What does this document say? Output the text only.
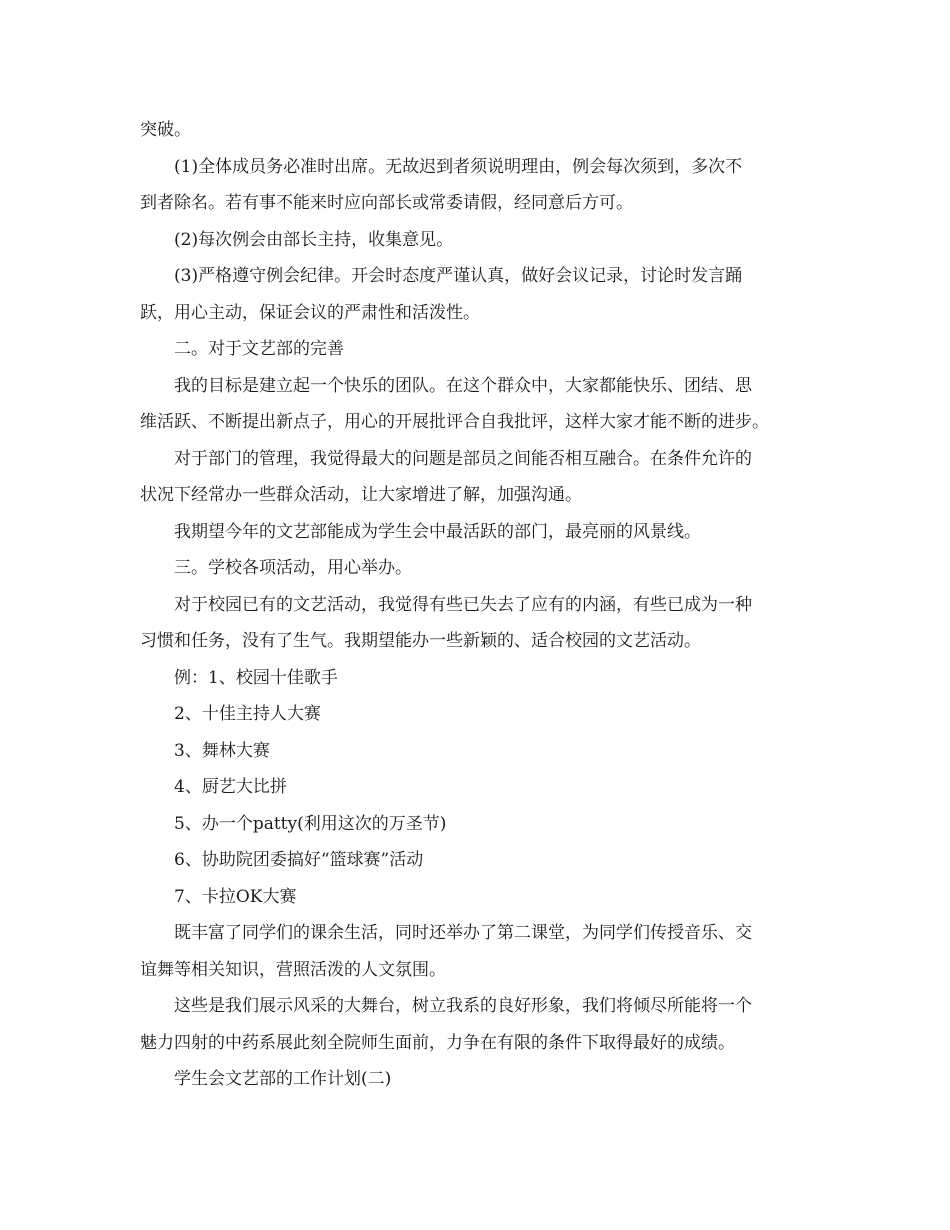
突破。

(1)全体成员务必准时出席。无故迟到者须说明理由，例会每次须到，多次不

到者除名。若有事不能来时应向部长或常委请假，经同意后方可。

(2)每次例会由部长主持，收集意见。

(3)严格遵守例会纪律。开会时态度严谨认真，做好会议记录，讨论时发言踊

跃，用心主动，保证会议的严肃性和活泼性。

二。对于文艺部的完善

我的目标是建立起一个快乐的团队。在这个群众中，大家都能快乐、团结、思

维活跃、不断提出新点子，用心的开展批评合自我批评，这样大家才能不断的进步。

对于部门的管理，我觉得最大的问题是部员之间能否相互融合。在条件允许的

状况下经常办一些群众活动，让大家增进了解，加强沟通。

我期望今年的文艺部能成为学生会中最活跃的部门，最亮丽的风景线。

三。学校各项活动，用心举办。

对于校园已有的文艺活动，我觉得有些已失去了应有的内涵，有些已成为一种

习惯和任务，没有了生气。我期望能办一些新颖的、适合校园的文艺活动。

例：1、校园十佳歌手

2、十佳主持人大赛

3、舞林大赛

4、厨艺大比拼

5、办一个patty(利用这次的万圣节)

6、协助院团委搞好“篮球赛”活动

7、卡拉OK大赛

既丰富了同学们的课余生活，同时还举办了第二课堂，为同学们传授音乐、交

谊舞等相关知识，营照活泼的人文氛围。

这些是我们展示风采的大舞台，树立我系的良好形象，我们将倾尽所能将一个

魅力四射的中药系展此刻全院师生面前，力争在有限的条件下取得最好的成绩。

学生会文艺部的工作计划(二)
